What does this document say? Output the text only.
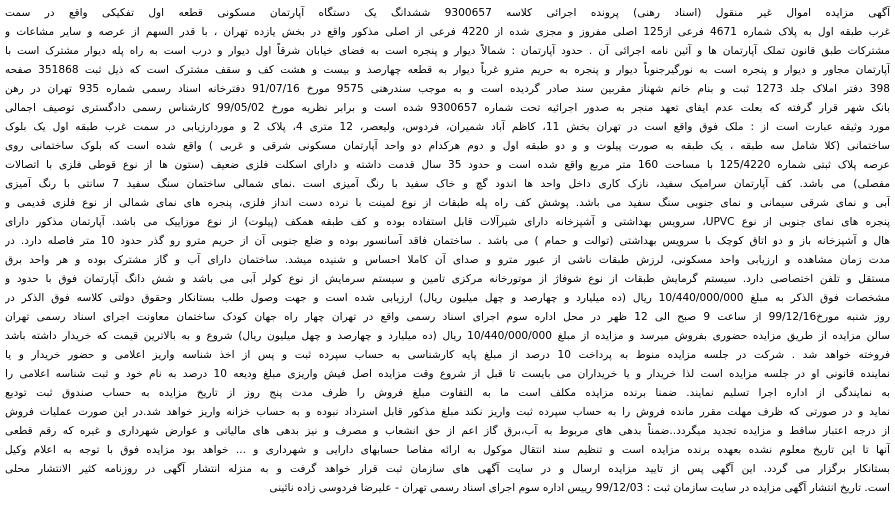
آگهی مزایده اموال غیر منقول (اسناد رهنی) پرونده اجرائی کلاسه 9300657 ششدانگ یک دستگاه آپارتمان مسکونی قطعه اول تفکیکی واقع در سمت
غرب طبقه اول به پلاک شماره 4671 فرعی از125 اصلی مفروز و مجزی شده از 4220 فرعی از اصلی مذکور واقع در بخش یازده تهران ، با قدر السهم از عرصه و سایر مشاعات و
مشترکات طبق قانون تملک آپارتمان ها و آئین نامه اجرائی آن . حدود آپارتمان : شمالاً دیوار و پنجره است به فضای خیابان شرقاً اول دیوار و درب است به راه پله دیوار مشترک است با
آپارتمان مجاور و دیوار و پنجره است به نورگیرجنوباً دیوار و پنجره به حریم مترو غرباً دیوار به قطعه چهارصد و بیست و هشت کف و سقف مشترک است که ذیل ثبت 351868 صفحه
398 دفتر املاک جلد 1273 ثبت و بنام خانم شهناز مقربین سند صادر گردیده است و به موجب سندرهنی 9575 مورخ 91/07/16 دفترخانه اسناد رسمی شماره 935 تهران در رهن
بانک شهر قرار گرفته که بعلت عدم ایفای تعهد منجر به صدور اجرائیه تحت شماره 9300657 شده است و برابر نظریه مورخ 99/05/02 کارشناس رسمی دادگستری توصیف اجمالی
مورد وثیقه عبارت است از : ملک فوق واقع است در تهران بخش 11، کاظم آباد شمیران، فردوس، ولیعصر، 12 متری 4، پلاک 2 و موردارزیابی در سمت غرب طبقه اول یک بلوک
ساختمانی (کلا شامل سه طبقه ، یک طبقه به صورت پیلوت و و دو طبقه اول و دوم هرکدام دو واحد آپارتمان مسکونی شرقی و غربی ) واقع شده است که بلوک ساختمانی روی
عرصه پلاک ثبتی شماره 125/4220 با مساحت 160 متر مربع واقع شده است و حدود 35 سال قدمت داشته و دارای اسکلت فلزی ضعیف (ستون ها از نوع قوطی فلزی با اتصالات
مفصلی) می باشد. کف آپارتمان سرامیک سفید، نازک کاری داخل واحد ها اندود گچ و خاک سفید با رنگ آمیزی است .نمای شمالی ساختمان سنگ سفید 7 سانتی با رنگ آمیزی
آبی و نمای شرقی سیمانی و نمای جنوبی سنگ سفید می باشد. پوشش کف راه پله طبقات از نوع لمینت با نرده دست انداز فلزی، پنجره های نمای شمالی از نوع فلزی قدیمی و
پنجره های نمای جنوبی از نوع UPVC، سرویس بهداشتی و آشپزخانه دارای شیرآلات قابل استفاده بوده و کف طبقه همکف (پیلوت) از نوع موزاییک می باشد. آپارتمان مذکور دارای
هال و آشپزخانه باز و دو اتاق کوچک با سرویس بهداشتی (توالت و حمام ) می باشد . ساختمان فاقد آسانسور بوده و ضلع جنوبی آن از حریم مترو رو گذر حدود 10 متر فاصله دارد. در
مدت زمان مشاهده و ارزیابی واحد مسکونی، لرزش طبقات ناشی از عبور مترو و صدای آن کاملا احساس و شنیده میشد. ساختمان دارای آب و گاز مشترک بوده و هر واحد برق
مستقل و تلفن اختصاصی دارد. سیستم گرمایش طبقات از نوع شوفاژ از موتورخانه مرکزی تامین و سیستم سرمایش از نوع کولر آبی می باشد و شش دانگ آپارتمان فوق با حدود و
مشخصات فوق الذکر به مبلغ 10/440/000/000 ریال (ده میلیارد و چهارصد و چهل میلیون ریال) ارزیابی شده است و جهت وصول طلب بستانکار وحقوق دولتی کلاسه فوق الذکر در
روز شنبه مورخ99/12/16 از ساعت 9 صبح الی 12 ظهر در محل اداره سوم اجرای اسناد رسمی واقع در تهران چهار راه جهان کودک ساختمان معاونت اجرای اسناد رسمی تهران
سالن مزایده از طریق مزایده حضوری بفروش میرسد و مزایده از مبلغ 10/440/000/000 ریال (ده میلیارد و چهارصد و چهل میلیون ریال) شروع و به بالاترین قیمت که خریدار داشته باشد
فروخته خواهد شد . شرکت در جلسه مزایده منوط به پرداخت 10 درصد از مبلغ پایه کارشناسی به حساب سپرده ثبت و پس از اخذ شناسه واریز اعلامی و حضور خریدار و یا
نماینده قانونی او در جلسه مزایده است لذا خریدار و یا خریداران می بایست تا قبل از شروع وقت مزایده اصل فیش واریزی مبلغ ودیعه 10 درصد به نام خود و ثبت شناسه اعلامی را
به نمایندگی از اداره اجرا تسلیم نمایند. ضمنا برنده مزایده مکلف است ما به التفاوت مبلغ فروش را ظرف مدت پنج روز از تاریخ مزایده به حساب صندوق ثبت تودیع
نماید و در صورتی که ظرف مهلت مقرر مانده فروش را به حساب سپرده ثبت واریز نکند مبلغ مذکور قابل استرداد نبوده و به حساب خزانه واریز خواهد شد.در این صورت عملیات فروش
از درجه اعتبار ساقط و مزایده تجدید میگردد..ضمناً بدهی های مربوط به آب،برق گاز اعم از حق انشعاب و مصرف و نیز بدهی های مالیاتی و عوارض شهرداری و غیره که رقم قطعی
آنها تا این تاریخ معلوم نشده بعهده برنده مزایده است و تنظیم سند انتقال موکول به ارائه مفاصا حسابهای دارایی و شهرداری و ... خواهد بود مزایده فوق با توجه به اعلام وکیل
بستانکار برگزار می گردد. این آگهی پس از تایید مزایده ارسال و در سایت آگهی های سازمان ثبت قرار خواهد گرفت و به منزله انتشار آگهی در روزنامه کثیر الانتشار محلی
است. تاریخ انتشار آگهی مزایده در سایت سازمان ثبت : 99/12/03 رییس اداره سوم اجرای اسناد رسمی تهران - علیرضا فردوسی زاده نائینی
